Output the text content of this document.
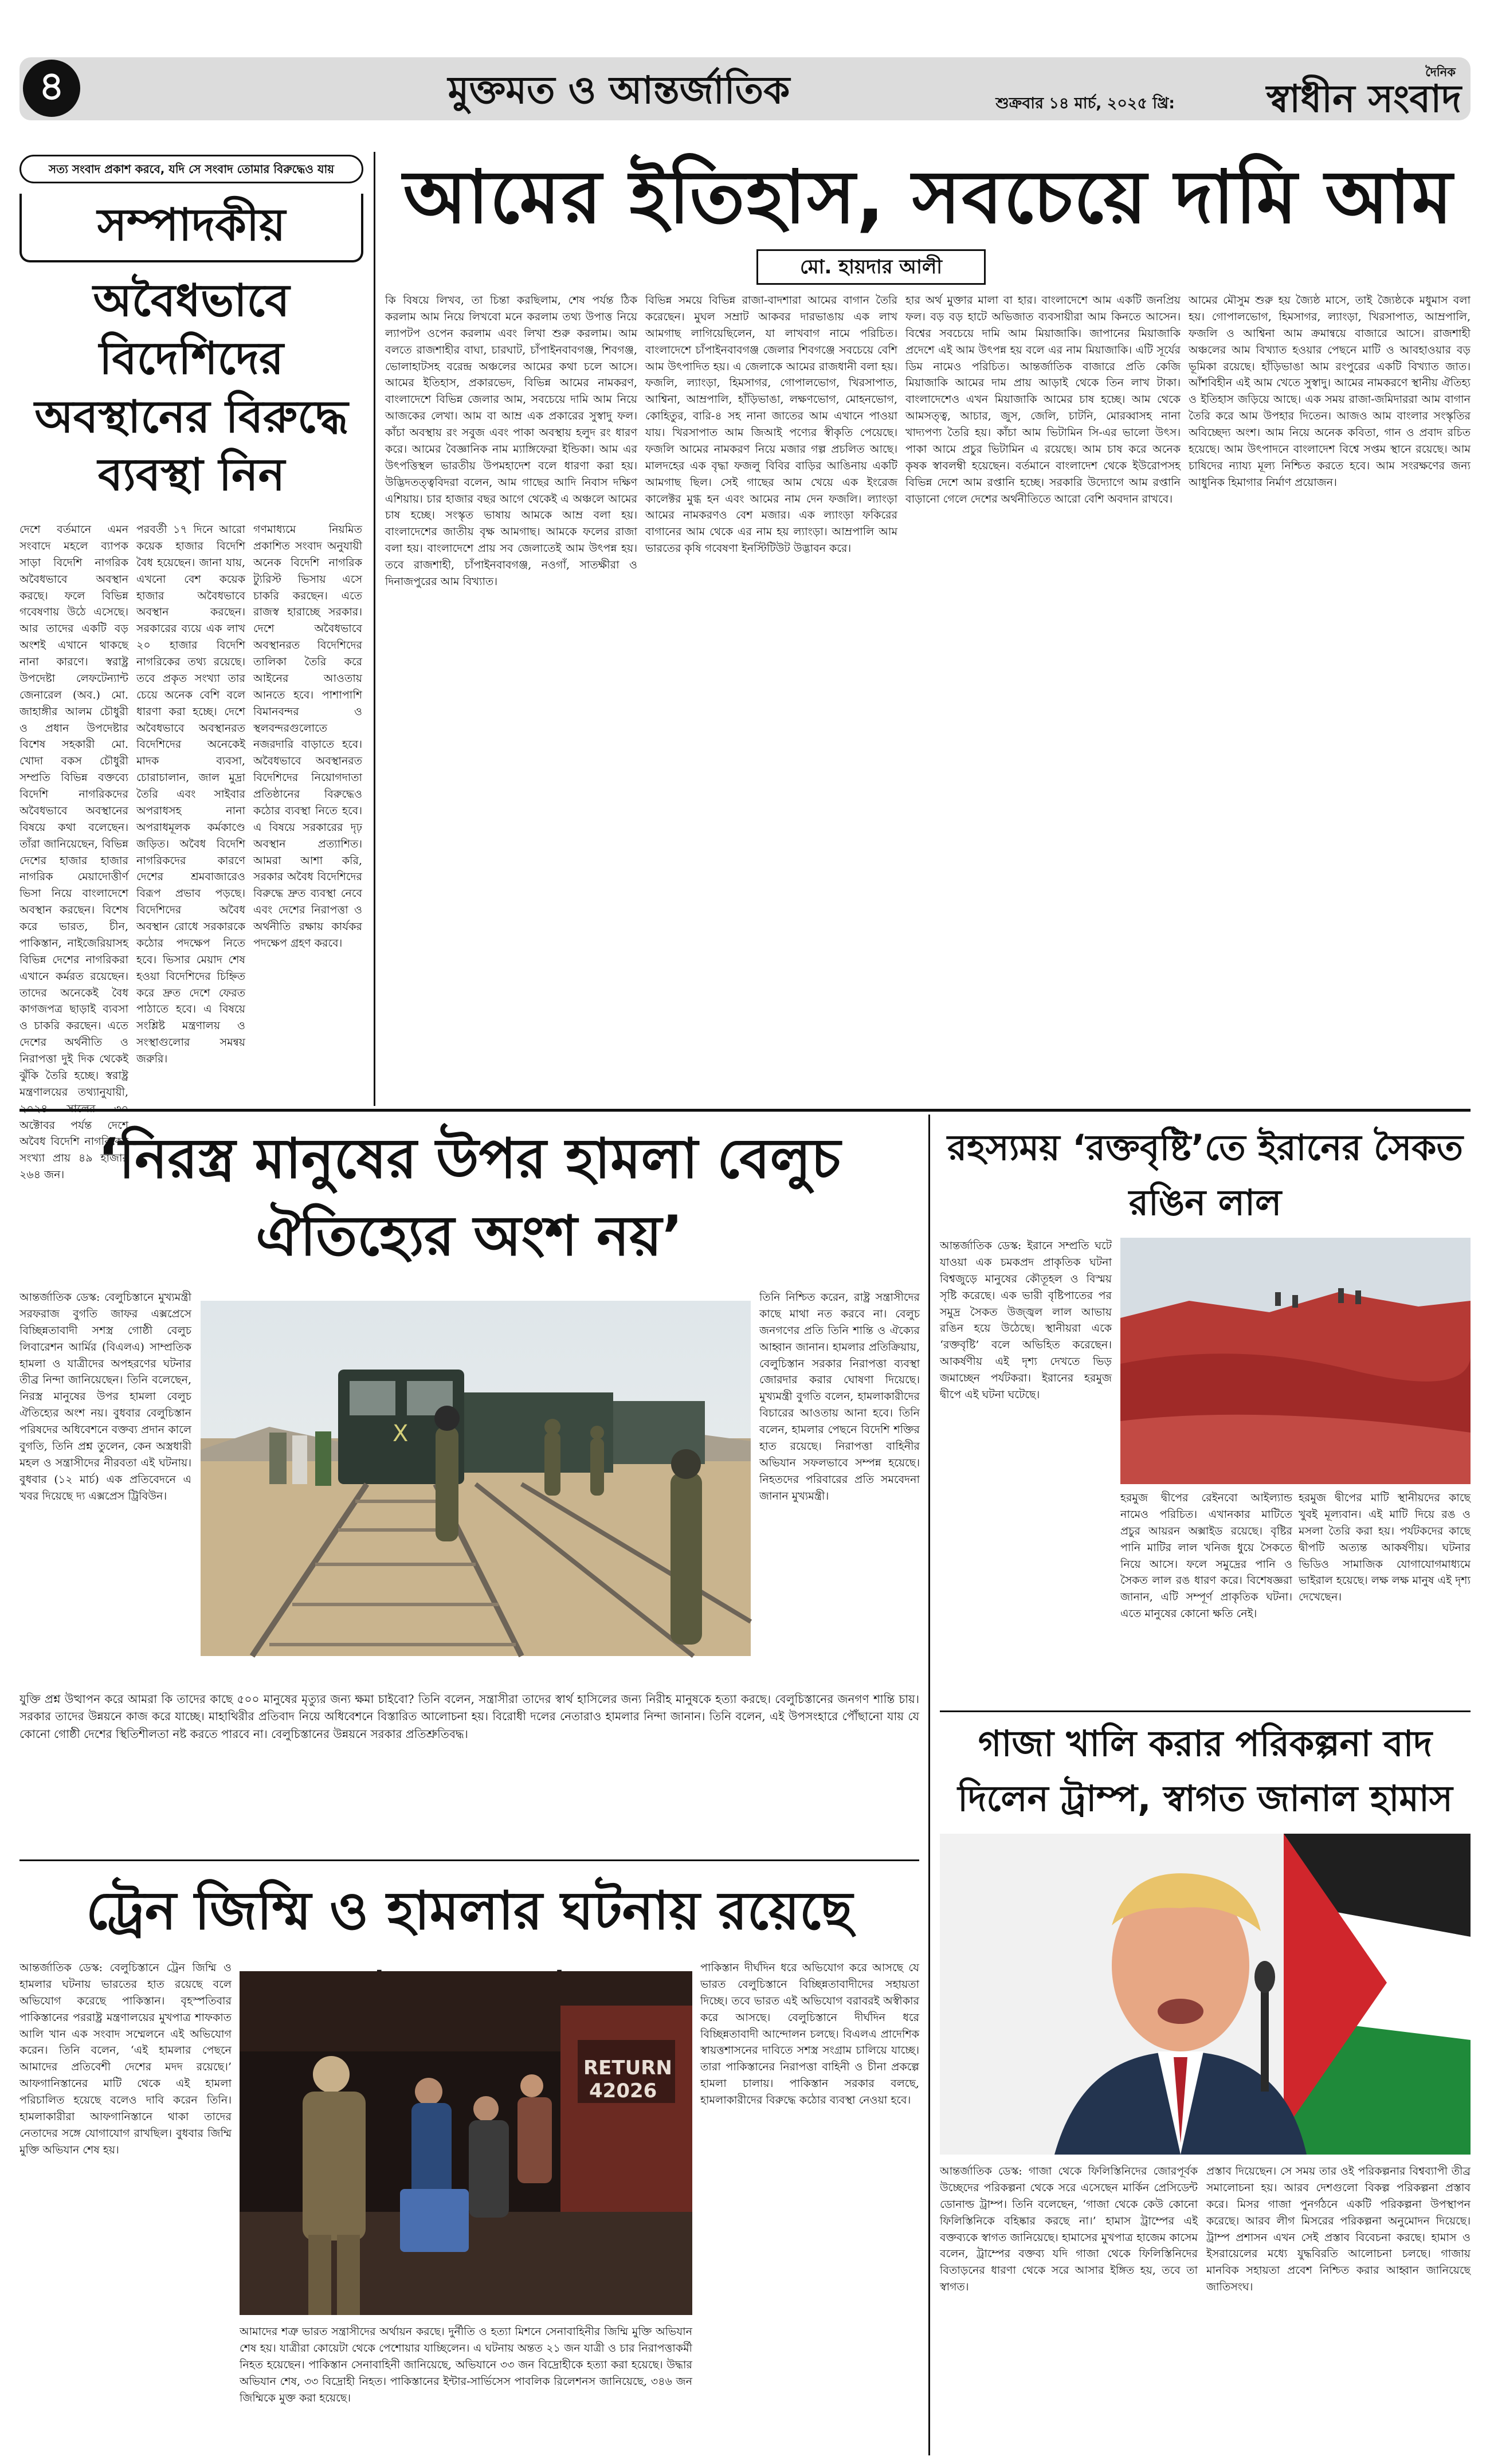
৪	মুক্তমত ও আন্তর্জাতিক	শুক্রবার ১৪ মার্চ, ২০২৫ খ্রি:
দৈনিক
স্বাধীন সংবাদ
সত্য সংবাদ প্রকাশ করবে, যদি সে সংবাদ তোমার বিরুদ্ধেও যায়
সম্পাদকীয়
অবৈধভাবে বিদেশিদের অবস্থানের বিরুদ্ধে ব্যবস্থা নিন
দেশে বর্তমানে এমন সংবাদে মহলে ব্যাপক সাড়া বিদেশি নাগরিক অবৈধভাবে অবস্থান করছে। ফলে বিভিন্ন গবেষণায় উঠে এসেছে। আর তাদের একটি বড় অংশই এখানে থাকছে নানা কারণে। স্বরাষ্ট্র উপদেষ্টা লেফটেন্যান্ট জেনারেল (অব.) মো. জাহাঙ্গীর আলম চৌধুরী ও প্রধান উপদেষ্টার বিশেষ সহকারী মো. খোদা বকস চৌধুরী সম্প্রতি বিভিন্ন বক্তব্যে বিদেশি নাগরিকদের অবৈধভাবে অবস্থানের বিষয়ে কথা বলেছেন। তাঁরা জানিয়েছেন, বিভিন্ন দেশের হাজার হাজার নাগরিক মেয়াদোত্তীর্ণ ভিসা নিয়ে বাংলাদেশে অবস্থান করছেন। বিশেষ করে ভারত, চীন, পাকিস্তান, নাইজেরিয়াসহ বিভিন্ন দেশের নাগরিকরা এখানে কর্মরত রয়েছেন। তাদের অনেকেই বৈধ কাগজপত্র ছাড়াই ব্যবসা ও চাকরি করছেন। এতে দেশের অর্থনীতি ও নিরাপত্তা দুই দিক থেকেই ঝুঁকি তৈরি হচ্ছে। স্বরাষ্ট্র মন্ত্রণালয়ের তথ্যানুযায়ী, অক্টোবর পর্যন্ত দেশে অবৈধ বিদেশি নাগরিকের সংখ্যা প্রায় ৪৯ হাজার ২৬৪ জন।
পরবর্তী ১৭ দিনে আরো কয়েক হাজার বিদেশি বৈধ হয়েছেন। জানা যায়, এখনো বেশ কয়েক হাজার অবৈধভাবে অবস্থান করছেন। সরকারের ব্যয়ে এক লাখ ২০ হাজার বিদেশি নাগরিকের তথ্য রয়েছে। তবে প্রকৃত সংখ্যা তার চেয়ে অনেক বেশি বলে ধারণা করা হচ্ছে। দেশে অবৈধভাবে অবস্থানরত বিদেশিদের অনেকেই মাদক ব্যবসা, চোরাচালান, জাল মুদ্রা তৈরি এবং সাইবার অপরাধসহ নানা অপরাধমূলক কর্মকাণ্ডে জড়িত। অবৈধ বিদেশি নাগরিকদের কারণে দেশের শ্রমবাজারেও বিরূপ প্রভাব পড়ছে। বিদেশিদের অবৈধ অবস্থান রোধে সরকারকে কঠোর পদক্ষেপ নিতে হবে। ভিসার মেয়াদ শেষ হওয়া বিদেশিদের চিহ্নিত করে দ্রুত দেশে ফেরত পাঠাতে হবে। এ বিষয়ে সংশ্লিষ্ট মন্ত্রণালয় ও সংস্থাগুলোর সমন্বয় জরুরি।
গণমাধ্যমে নিয়মিত প্রকাশিত সংবাদ অনুযায়ী অনেক বিদেশি নাগরিক ট্যুরিস্ট ভিসায় এসে চাকরি করছেন। এতে রাজস্ব হারাচ্ছে সরকার। দেশে অবৈধভাবে অবস্থানরত বিদেশিদের তালিকা তৈরি করে আইনের আওতায় আনতে হবে। পাশাপাশি বিমানবন্দর ও স্থলবন্দরগুলোতে নজরদারি বাড়াতে হবে। অবৈধভাবে অবস্থানরত বিদেশিদের নিয়োগদাতা প্রতিষ্ঠানের বিরুদ্ধেও কঠোর ব্যবস্থা নিতে হবে। এ বিষয়ে সরকারের দৃঢ় অবস্থান প্রত্যাশিত। আমরা আশা করি, সরকার অবৈধ বিদেশিদের বিরুদ্ধে দ্রুত ব্যবস্থা নেবে এবং দেশের নিরাপত্তা ও অর্থনীতি রক্ষায় কার্যকর পদক্ষেপ গ্রহণ করবে।
আমের ইতিহাস, সবচেয়ে দামি আম
মো. হায়দার আলী
কি বিষয়ে লিখব, তা চিন্তা করছিলাম, শেষ পর্যন্ত ঠিক করলাম আম নিয়ে লিখবো মনে করলাম তথ্য উপাত্ত নিয়ে ল্যাপটপ ওপেন করলাম এবং লিখা শুরু করলাম। আম বলতে রাজশাহীর বাঘা, চারঘাট, চাঁপাইনবাবগঞ্জ, শিবগঞ্জ, ভোলাহাটসহ বরেন্দ্র অঞ্চলের আমের কথা চলে আসে। আমের ইতিহাস, প্রকারভেদ, বিভিন্ন আমের নামকরণ, বাংলাদেশে বিভিন্ন জেলার আম, সবচেয়ে দামি আম নিয়ে আজকের লেখা। আম বা আম্র এক প্রকারের সুস্বাদু ফল। কাঁচা অবস্থায় রং সবুজ এবং পাকা অবস্থায় হলুদ রং ধারণ করে। আমের বৈজ্ঞানিক নাম ম্যাঙ্গিফেরা ইন্ডিকা। আম এর উৎপত্তিস্থল ভারতীয় উপমহাদেশ বলে ধারণা করা হয়। উদ্ভিদতত্ত্ববিদরা বলেন, আম গাছের আদি নিবাস দক্ষিণ এশিয়ায়। চার হাজার বছর আগে থেকেই এ অঞ্চলে আমের চাষ হচ্ছে। সংস্কৃত ভাষায় আমকে আম্র বলা হয়। বাংলাদেশের জাতীয় বৃক্ষ আমগাছ। আমকে ফলের রাজা বলা হয়। বাংলাদেশে প্রায় সব জেলাতেই আম উৎপন্ন হয়। তবে রাজশাহী, চাঁপাইনবাবগঞ্জ, নওগাঁ, সাতক্ষীরা ও দিনাজপুরের আম বিখ্যাত।
বিভিন্ন সময়ে বিভিন্ন রাজা-বাদশারা আমের বাগান তৈরি করেছেন। মুঘল সম্রাট আকবর দারভাঙায় এক লাখ আমগাছ লাগিয়েছিলেন, যা লাখবাগ নামে পরিচিত। বাংলাদেশে চাঁপাইনবাবগঞ্জ জেলার শিবগঞ্জে সবচেয়ে বেশি আম উৎপাদিত হয়। এ জেলাকে আমের রাজধানী বলা হয়। ফজলি, ল্যাংড়া, হিমসাগর, গোপালভোগ, খিরসাপাত, আশ্বিনা, আম্রপালি, হাঁড়িভাঙা, লক্ষণভোগ, মোহনভোগ, কোহিতুর, বারি-৪ সহ নানা জাতের আম এখানে পাওয়া যায়। খিরসাপাত আম জিআই পণ্যের স্বীকৃতি পেয়েছে। ফজলি আমের নামকরণ নিয়ে মজার গল্প প্রচলিত আছে। মালদহের এক বৃদ্ধা ফজলু বিবির বাড়ির আঙিনায় একটি আমগাছ ছিল। সেই গাছের আম খেয়ে এক ইংরেজ কালেক্টর মুগ্ধ হন এবং আমের নাম দেন ফজলি। ল্যাংড়া আমের নামকরণও বেশ মজার। এক ল্যাংড়া ফকিরের বাগানের আম থেকে এর নাম হয় ল্যাংড়া। আম্রপালি আম ভারতের কৃষি গবেষণা ইনস্টিটিউট উদ্ভাবন করে।
হার অর্থ মুক্তার মালা বা হার। বাংলাদেশে আম একটি জনপ্রিয় ফল। বড় বড় হাটে অভিজাত ব্যবসায়ীরা আম কিনতে আসেন। বিশ্বের সবচেয়ে দামি আম মিয়াজাকি। জাপানের মিয়াজাকি প্রদেশে এই আম উৎপন্ন হয় বলে এর নাম মিয়াজাকি। এটি সূর্যের ডিম নামেও পরিচিত। আন্তর্জাতিক বাজারে প্রতি কেজি মিয়াজাকি আমের দাম প্রায় আড়াই থেকে তিন লাখ টাকা। বাংলাদেশেও এখন মিয়াজাকি আমের চাষ হচ্ছে। আম থেকে আমসত্ত্ব, আচার, জুস, জেলি, চাটনি, মোরব্বাসহ নানা খাদ্যপণ্য তৈরি হয়। কাঁচা আম ভিটামিন সি-এর ভালো উৎস। পাকা আমে প্রচুর ভিটামিন এ রয়েছে। আম চাষ করে অনেক কৃষক স্বাবলম্বী হয়েছেন। বর্তমানে বাংলাদেশ থেকে ইউরোপসহ বিভিন্ন দেশে আম রপ্তানি হচ্ছে। সরকারি উদ্যোগে আম রপ্তানি বাড়ানো গেলে দেশের অর্থনীতিতে আরো বেশি অবদান রাখবে।
আমের মৌসুম শুরু হয় জ্যৈষ্ঠ মাসে, তাই জ্যৈষ্ঠকে মধুমাস বলা হয়। গোপালভোগ, হিমসাগর, ল্যাংড়া, খিরসাপাত, আম্রপালি, ফজলি ও আশ্বিনা আম ক্রমান্বয়ে বাজারে আসে। রাজশাহী অঞ্চলের আম বিখ্যাত হওয়ার পেছনে মাটি ও আবহাওয়ার বড় ভূমিকা রয়েছে। হাঁড়িভাঙা আম রংপুরের একটি বিখ্যাত জাত। আঁশবিহীন এই আম খেতে সুস্বাদু। আমের নামকরণে স্থানীয় ঐতিহ্য ও ইতিহাস জড়িয়ে আছে। এক সময় রাজা-জমিদাররা আম বাগান তৈরি করে আম উপহার দিতেন। আজও আম বাংলার সংস্কৃতির অবিচ্ছেদ্য অংশ। আম নিয়ে অনেক কবিতা, গান ও প্রবাদ রচিত হয়েছে। আম উৎপাদনে বাংলাদেশ বিশ্বে সপ্তম স্থানে রয়েছে। আম চাষিদের ন্যায্য মূল্য নিশ্চিত করতে হবে। আম সংরক্ষণের জন্য আধুনিক হিমাগার নির্মাণ প্রয়োজন।
‘নিরস্ত্র মানুষের উপর হামলা বেলুচ ঐতিহ্যের অংশ নয়’
আন্তর্জাতিক ডেস্ক: বেলুচিস্তানে মুখ্যমন্ত্রী সরফরাজ বুগতি জাফর এক্সপ্রেসে বিচ্ছিন্নতাবাদী সশস্ত্র গোষ্ঠী বেলুচ লিবারেশন আর্মির (বিএলএ) সাম্প্রতিক হামলা ও যাত্রীদের অপহরণের ঘটনার তীব্র নিন্দা জানিয়েছেন। তিনি বলেছেন, নিরস্ত্র মানুষের উপর হামলা বেলুচ ঐতিহ্যের অংশ নয়। বুধবার বেলুচিস্তান পরিষদের অধিবেশনে বক্তব্য প্রদান কালে বুগতি, তিনি প্রশ্ন তুলেন, কেন অস্ত্রধারী মহল ও সন্ত্রাসীদের নীরবতা এই ঘটনায়। বুধবার (১২ মার্চ) এক প্রতিবেদনে এ খবর দিয়েছে দ্য এক্সপ্রেস ট্রিবিউন।
X
তিনি নিশ্চিত করেন, রাষ্ট্র সন্ত্রাসীদের কাছে মাথা নত করবে না। বেলুচ জনগণের প্রতি তিনি শান্তি ও ঐক্যের আহ্বান জানান। হামলার প্রতিক্রিয়ায়, বেলুচিস্তান সরকার নিরাপত্তা ব্যবস্থা জোরদার করার ঘোষণা দিয়েছে। মুখ্যমন্ত্রী বুগতি বলেন, হামলাকারীদের বিচারের আওতায় আনা হবে। তিনি বলেন, হামলার পেছনে বিদেশি শক্তির হাত রয়েছে। নিরাপত্তা বাহিনীর অভিযান সফলভাবে সম্পন্ন হয়েছে। নিহতদের পরিবারের প্রতি সমবেদনা জানান মুখ্যমন্ত্রী।
যুক্তি প্রশ্ন উত্থাপন করে আমরা কি তাদের কাছে ৫০০ মানুষের মৃত্যুর জন্য ক্ষমা চাইবো? তিনি বলেন, সন্ত্রাসীরা তাদের স্বার্থ হাসিলের জন্য নিরীহ মানুষকে হত্যা করছে। বেলুচিস্তানের জনগণ শান্তি চায়। সরকার তাদের উন্নয়নে কাজ করে যাচ্ছে। মাহাথিরীর প্রতিবাদ নিয়ে অধিবেশনে বিস্তারিত আলোচনা হয়। বিরোধী দলের নেতারাও হামলার নিন্দা জানান। তিনি বলেন, এই উপসংহারে পৌঁছানো যায় যে কোনো গোষ্ঠী দেশের স্থিতিশীলতা নষ্ট করতে পারবে না। বেলুচিস্তানের উন্নয়নে সরকার প্রতিশ্রুতিবদ্ধ।
ট্রেন জিম্মি ও হামলার ঘটনায় রয়েছে
আন্তর্জাতিক ডেস্ক: বেলুচিস্তানে ট্রেন জিম্মি ও হামলার ঘটনায় ভারতের হাত রয়েছে বলে অভিযোগ করেছে পাকিস্তান। বৃহস্পতিবার পাকিস্তানের পররাষ্ট্র মন্ত্রণালয়ের মুখপাত্র শাফকাত আলি খান এক সংবাদ সম্মেলনে এই অভিযোগ করেন। তিনি বলেন, ‘এই হামলার পেছনে আমাদের প্রতিবেশী দেশের মদদ রয়েছে।’ আফগানিস্তানের মাটি থেকে এই হামলা পরিচালিত হয়েছে বলেও দাবি করেন তিনি। হামলাকারীরা আফগানিস্তানে থাকা তাদের নেতাদের সঙ্গে যোগাযোগ রাখছিল। বুধবার জিম্মি মুক্তি অভিযান শেষ হয়।
RETURN
42026
আমাদের শত্রু ভারত সন্ত্রাসীদের অর্থায়ন করছে। দুর্নীতি ও হত্যা মিশনে সেনাবাহিনীর জিম্মি মুক্তি অভিযান শেষ হয়। যাত্রীরা কোয়েটা থেকে পেশোয়ার যাচ্ছিলেন। এ ঘটনায় অন্তত ২১ জন যাত্রী ও চার নিরাপত্তাকর্মী নিহত হয়েছেন। পাকিস্তান সেনাবাহিনী জানিয়েছে, অভিযানে ৩৩ জন বিদ্রোহীকে হত্যা করা হয়েছে। উদ্ধার অভিযান শেষ, ৩৩ বিদ্রোহী নিহত। পাকিস্তানের ইন্টার-সার্ভিসেস পাবলিক রিলেশনস জানিয়েছে, ৩৪৬ জন জিম্মিকে মুক্ত করা হয়েছে।
পাকিস্তান দীর্ঘদিন ধরে অভিযোগ করে আসছে যে ভারত বেলুচিস্তানে বিচ্ছিন্নতাবাদীদের সহায়তা দিচ্ছে। তবে ভারত এই অভিযোগ বরাবরই অস্বীকার করে আসছে। বেলুচিস্তানে দীর্ঘদিন ধরে বিচ্ছিন্নতাবাদী আন্দোলন চলছে। বিএলএ প্রাদেশিক স্বায়ত্তশাসনের দাবিতে সশস্ত্র সংগ্রাম চালিয়ে যাচ্ছে। তারা পাকিস্তানের নিরাপত্তা বাহিনী ও চীনা প্রকল্পে হামলা চালায়। পাকিস্তান সরকার বলছে, হামলাকারীদের বিরুদ্ধে কঠোর ব্যবস্থা নেওয়া হবে।
রহস্যময় ‘রক্তবৃষ্টি’তে ইরানের সৈকত রঙিন লাল
আন্তর্জাতিক ডেস্ক: ইরানে সম্প্রতি ঘটে যাওয়া এক চমকপ্রদ প্রাকৃতিক ঘটনা বিশ্বজুড়ে মানুষের কৌতূহল ও বিস্ময় সৃষ্টি করেছে। এক ভারী বৃষ্টিপাতের পর সমুদ্র সৈকত উজ্জ্বল লাল আভায় রঙিন হয়ে উঠেছে। স্থানীয়রা একে ‘রক্তবৃষ্টি’ বলে অভিহিত করেছেন। আকর্ষণীয় এই দৃশ্য দেখতে ভিড় জমাচ্ছেন পর্যটকরা। ইরানের হরমুজ দ্বীপে এই ঘটনা ঘটেছে।
হরমুজ দ্বীপের রেইনবো আইল্যান্ড নামেও পরিচিত। এখানকার মাটিতে প্রচুর আয়রন অক্সাইড রয়েছে। বৃষ্টির পানি মাটির লাল খনিজ ধুয়ে সৈকতে নিয়ে আসে। ফলে সমুদ্রের পানি ও সৈকত লাল রঙ ধারণ করে। বিশেষজ্ঞরা জানান, এটি সম্পূর্ণ প্রাকৃতিক ঘটনা। এতে মানুষের কোনো ক্ষতি নেই।
হরমুজ দ্বীপের মাটি স্থানীয়দের কাছে খুবই মূল্যবান। এই মাটি দিয়ে রঙ ও মসলা তৈরি করা হয়। পর্যটকদের কাছে দ্বীপটি অত্যন্ত আকর্ষণীয়। ঘটনার ভিডিও সামাজিক যোগাযোগমাধ্যমে ভাইরাল হয়েছে। লক্ষ লক্ষ মানুষ এই দৃশ্য দেখেছেন।
গাজা খালি করার পরিকল্পনা বাদ দিলেন ট্রাম্প, স্বাগত জানাল হামাস
আন্তর্জাতিক ডেস্ক: গাজা থেকে ফিলিস্তিনিদের জোরপূর্বক উচ্ছেদের পরিকল্পনা থেকে সরে এসেছেন মার্কিন প্রেসিডেন্ট ডোনাল্ড ট্রাম্প। তিনি বলেছেন, ‘গাজা থেকে কেউ কোনো ফিলিস্তিনিকে বহিষ্কার করছে না।’ হামাস ট্রাম্পের এই বক্তব্যকে স্বাগত জানিয়েছে। হামাসের মুখপাত্র হাজেম কাসেম বলেন, ট্রাম্পের বক্তব্য যদি গাজা থেকে ফিলিস্তিনিদের বিতাড়নের ধারণা থেকে সরে আসার ইঙ্গিত হয়, তবে তা স্বাগত।
প্রস্তাব দিয়েছেন। সে সময় তার ওই পরিকল্পনার বিশ্বব্যাপী তীব্র সমালোচনা হয়। আরব দেশগুলো বিকল্প পরিকল্পনা প্রস্তাব করে। মিসর গাজা পুনর্গঠনে একটি পরিকল্পনা উপস্থাপন করেছে। আরব লীগ মিসরের পরিকল্পনা অনুমোদন দিয়েছে। ট্রাম্প প্রশাসন এখন সেই প্রস্তাব বিবেচনা করছে। হামাস ও ইসরায়েলের মধ্যে যুদ্ধবিরতি আলোচনা চলছে। গাজায় মানবিক সহায়তা প্রবেশ নিশ্চিত করার আহ্বান জানিয়েছে জাতিসংঘ।
